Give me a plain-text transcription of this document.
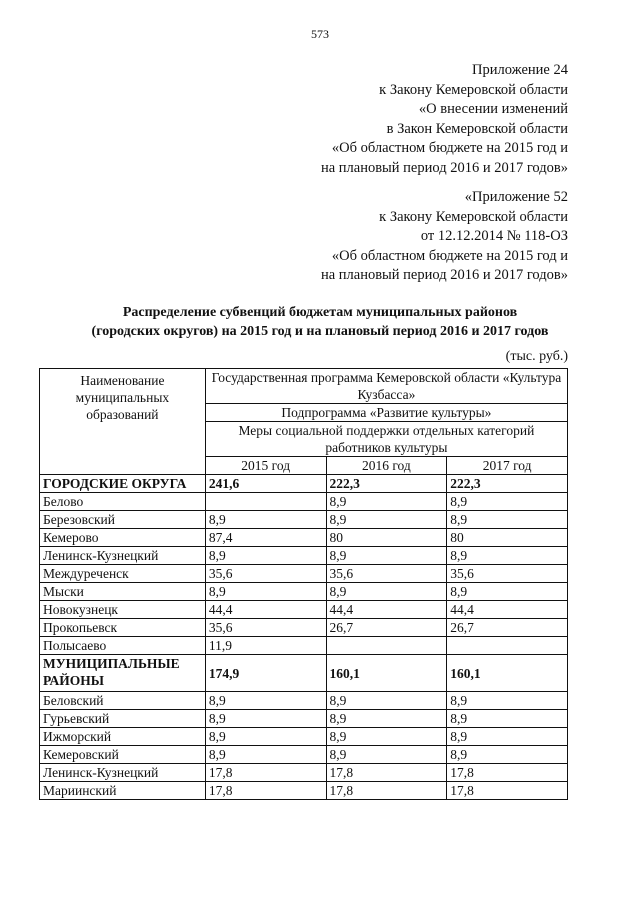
573
Приложение 24
к Закону Кемеровской области
«О внесении изменений
в Закон Кемеровской области
«Об областном бюджете на 2015 год и
на плановый период 2016 и 2017 годов»
«Приложение 52
к Закону Кемеровской области
от 12.12.2014 № 118-ОЗ
«Об областном бюджете на 2015 год и
на плановый период 2016 и 2017 годов»
Распределение субвенций бюджетам муниципальных районов
(городских округов) на 2015 год и на плановый период 2016 и 2017 годов
(тыс. руб.)
Наименование муниципальных образований	Государственная программа Кемеровской области «Культура Кузбасса»		
	Подпрограмма «Развитие культуры»		
	Меры социальной поддержки отдельных категорий работников культуры		
	2015 год	2016 год	2017 год
ГОРОДСКИЕ ОКРУГА	241,6	222,3	222,3
Белово		8,9	8,9
Березовский	8,9	8,9	8,9
Кемерово	87,4	80	80
Ленинск-Кузнецкий	8,9	8,9	8,9
Междуреченск	35,6	35,6	35,6
Мыски	8,9	8,9	8,9
Новокузнецк	44,4	44,4	44,4
Прокопьевск	35,6	26,7	26,7
Полысаево	11,9		
МУНИЦИПАЛЬНЫЕ РАЙОНЫ	174,9	160,1	160,1
Беловский	8,9	8,9	8,9
Гурьевский	8,9	8,9	8,9
Ижморский	8,9	8,9	8,9
Кемеровский	8,9	8,9	8,9
Ленинск-Кузнецкий	17,8	17,8	17,8
Мариинский	17,8	17,8	17,8
